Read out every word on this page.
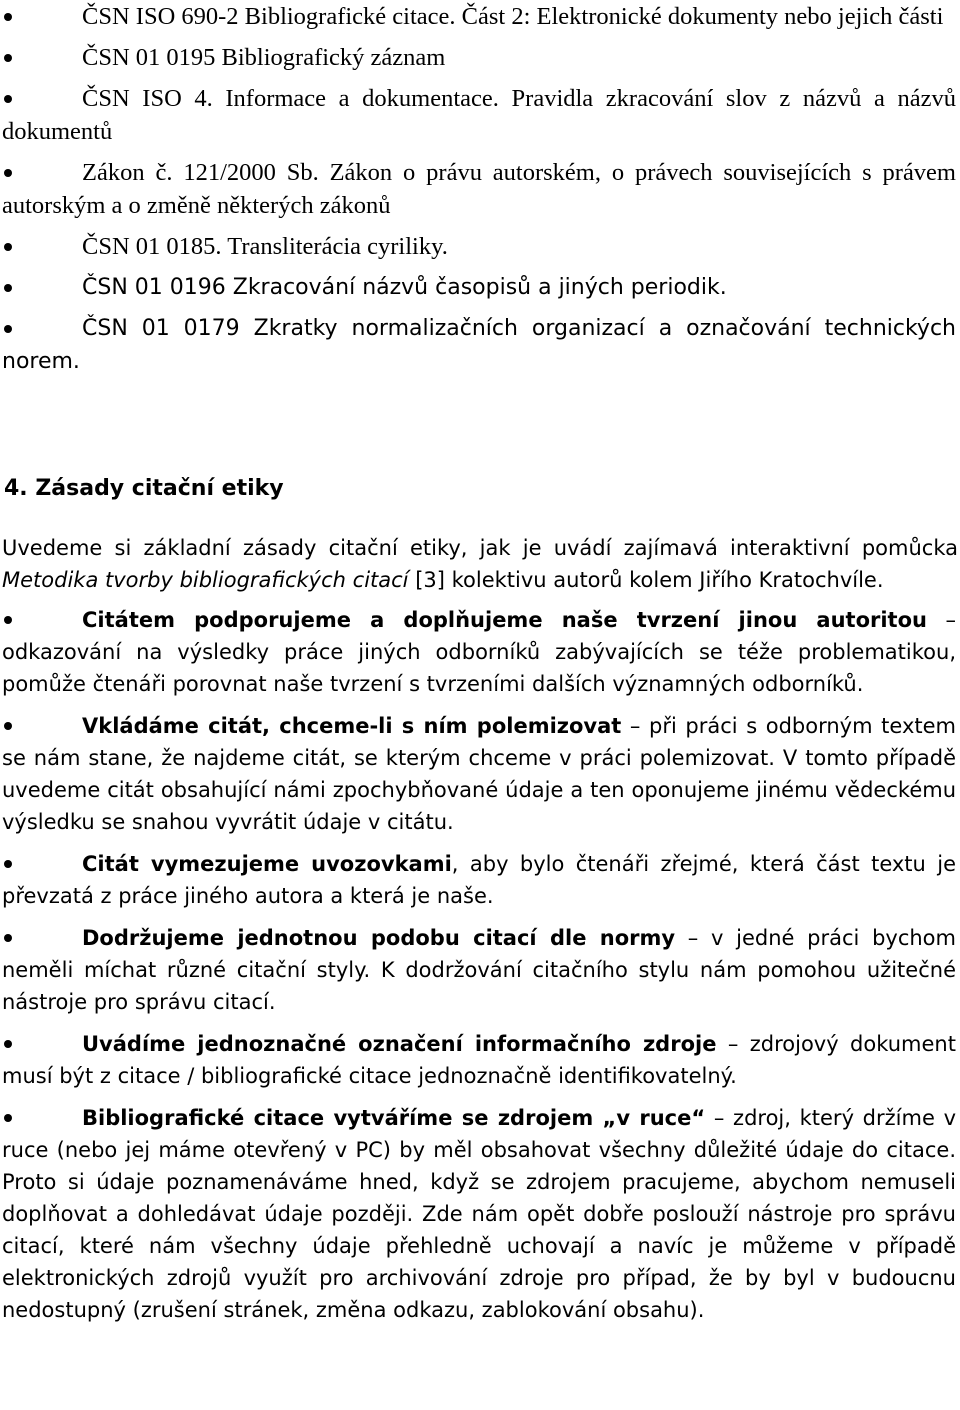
ČSN ISO 690-2 Bibliografické citace. Část 2: Elektronické dokumenty nebo jejich části

ČSN 01 0195 Bibliografický záznam

ČSN ISO 4. Informace a dokumentace. Pravidla zkracování slov z názvů a názvů dokumentů

Zákon č. 121/2000 Sb. Zákon o právu autorském, o právech souvisejících s právem autorským a o změně některých zákonů

ČSN 01 0185. Transliterácia cyriliky.

ČSN 01 0196 Zkracování názvů časopisů a jiných periodik.

ČSN 01 0179 Zkratky normalizačních organizací a označování technických norem.

4. Zásady citační etiky

Uvedeme si základní zásady citační etiky, jak je uvádí zajímavá interaktivní pomůcka Metodika tvorby bibliografických citací [3] kolektivu autorů kolem Jiřího Kratochvíle.

Citátem podporujeme a doplňujeme naše tvrzení jinou autoritou – odkazování na výsledky práce jiných odborníků zabývajících se téže problematikou, pomůže čtenáři porovnat naše tvrzení s tvrzeními dalších významných odborníků.

Vkládáme citát, chceme-li s ním polemizovat – při práci s odborným textem se nám stane, že najdeme citát, se kterým chceme v práci polemizovat. V tomto případě uvedeme citát obsahující námi zpochybňované údaje a ten oponujeme jinému vědeckému výsledku se snahou vyvrátit údaje v citátu.

Citát vymezujeme uvozovkami, aby bylo čtenáři zřejmé, která část textu je převzatá z práce jiného autora a která je naše.

Dodržujeme jednotnou podobu citací dle normy – v jedné práci bychom neměli míchat různé citační styly. K dodržování citačního stylu nám pomohou užitečné nástroje pro správu citací.

Uvádíme jednoznačné označení informačního zdroje – zdrojový dokument musí být z citace / bibliografické citace jednoznačně identifikovatelný.

Bibliografické citace vytváříme se zdrojem „v ruce“ – zdroj, který držíme v ruce (nebo jej máme otevřený v PC) by měl obsahovat všechny důležité údaje do citace. Proto si údaje poznamenáváme hned, když se zdrojem pracujeme, abychom nemuseli doplňovat a dohledávat údaje později. Zde nám opět dobře poslouží nástroje pro správu citací, které nám všechny údaje přehledně uchovají a navíc je můžeme v případě elektronických zdrojů využít pro archivování zdroje pro případ, že by byl v budoucnu nedostupný (zrušení stránek, změna odkazu, zablokování obsahu).
